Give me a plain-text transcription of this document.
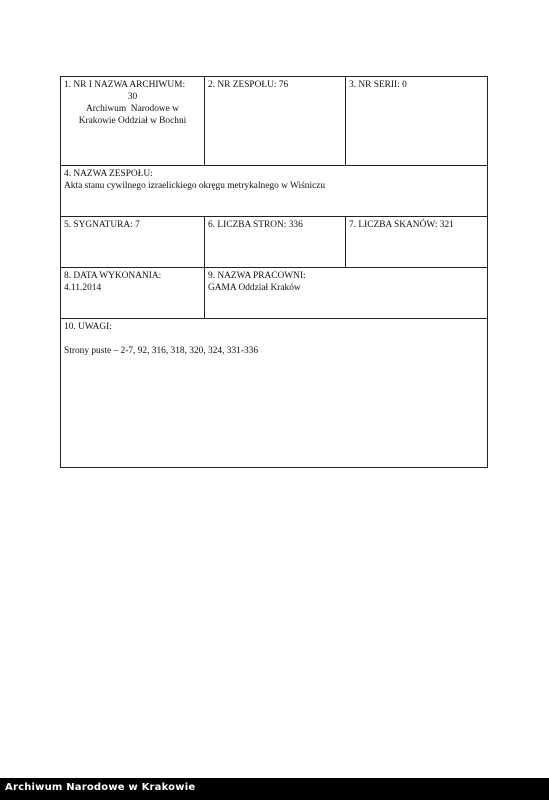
1. NR I NAZWA ARCHIWUM:
30
Archiwum  Narodowe w
Krakowie Oddział w Bochni
2. NR ZESPOŁU: 76	3. NR SERII: 0
4. NAZWA ZESPOŁU:
Akta stanu cywilnego izraelickiego okręgu metrykalnego w Wiśniczu
5. SYGNATURA: 7	6. LICZBA STRON: 336	7. LICZBA SKANÓW: 321
8. DATA WYKONANIA:
4.11.2014
9. NAZWA PRACOWNI:
GAMA Oddział Kraków
10. UWAGI:
Strony puste – 2-7, 92, 316, 318, 320, 324, 331-336
Archiwum Narodowe w Krakowie
